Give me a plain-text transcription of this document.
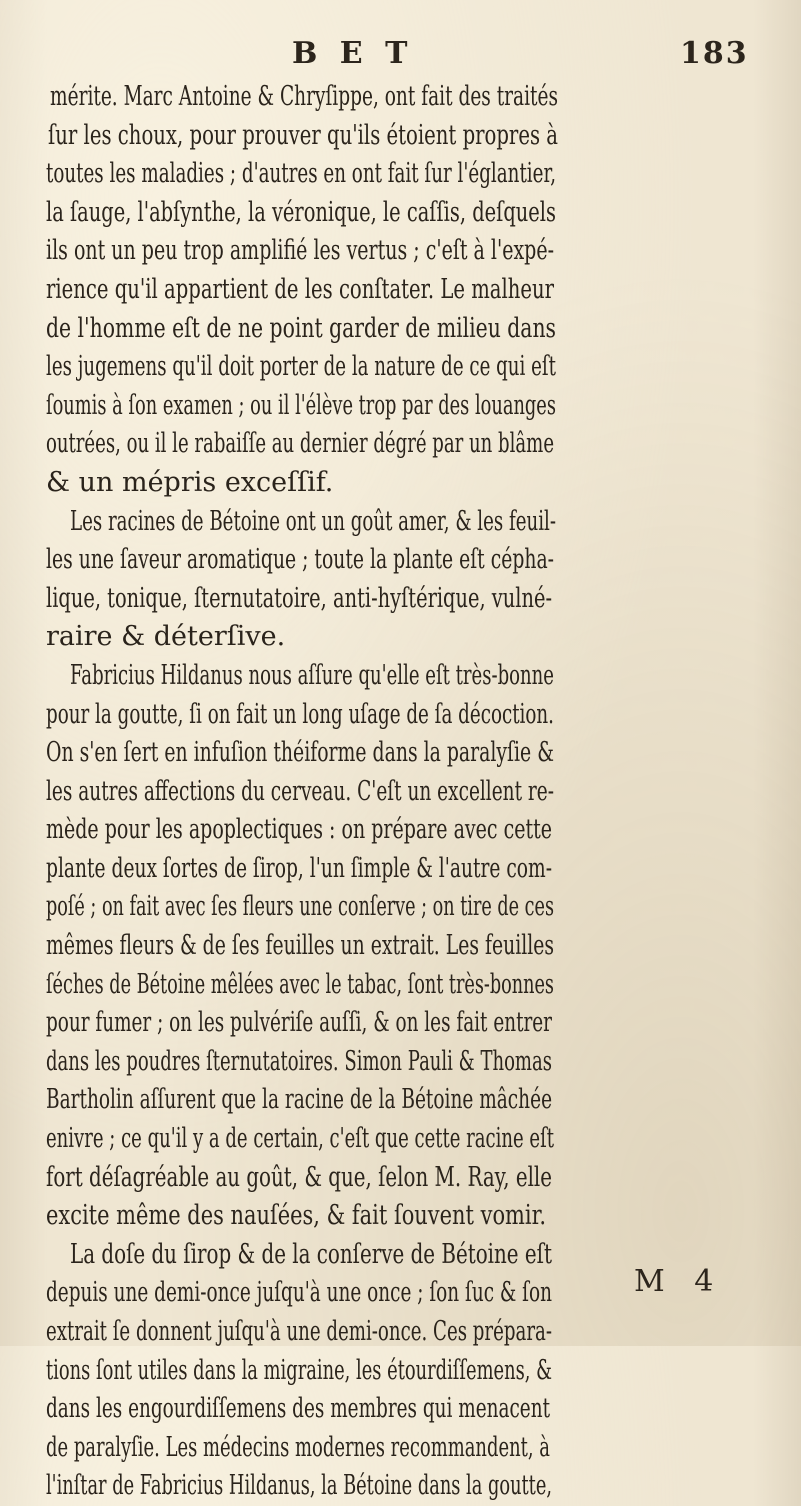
B E T	183
mérite. Marc Antoine & Chryſippe, ont fait des traités
ſur les choux, pour prouver qu'ils étoient propres à
toutes les maladies ; d'autres en ont fait ſur l'églantier,
la ſauge, l'abſynthe, la véronique, le caſſis, deſquels
ils ont un peu trop amplifié les vertus ; c'eſt à l'expé-
rience qu'il appartient de les conſtater. Le malheur
de l'homme eſt de ne point garder de milieu dans
les jugemens qu'il doit porter de la nature de ce qui eſt
ſoumis à ſon examen ; ou il l'élève trop par des louanges
outrées, ou il le rabaiſſe au dernier dégré par un blâme
& un mépris exceſſif.
Les racines de Bétoine ont un goût amer, & les feuil-
les une ſaveur aromatique ; toute la plante eſt cépha-
lique, tonique, ſternutatoire, anti-hyſtérique, vulné-
raire & déterſive.
Fabricius Hildanus nous aſſure qu'elle eſt très-bonne
pour la goutte, ſi on fait un long uſage de ſa décoction.
On s'en ſert en infuſion théiforme dans la paralyſie &
les autres affections du cerveau. C'eſt un excellent re-
mède pour les apoplectiques : on prépare avec cette
plante deux ſortes de ſirop, l'un ſimple & l'autre com-
poſé ; on fait avec ſes fleurs une conſerve ; on tire de ces
mêmes fleurs & de ſes feuilles un extrait. Les feuilles
ſéches de Bétoine mêlées avec le tabac, ſont très-bonnes
pour fumer ; on les pulvériſe auſſi, & on les fait entrer
dans les poudres ſternutatoires. Simon Pauli & Thomas
Bartholin aſſurent que la racine de la Bétoine mâchée
enivre ; ce qu'il y a de certain, c'eſt que cette racine eſt
fort déſagréable au goût, & que, ſelon M. Ray, elle
excite même des nauſées, & fait ſouvent vomir.
La doſe du ſirop & de la conſerve de Bétoine eſt
depuis une demi-once juſqu'à une once ; ſon ſuc & ſon
extrait ſe donnent juſqu'à une demi-once. Ces prépara-
tions ſont utiles dans la migraine, les étourdiſſemens, &
dans les engourdiſſemens des membres qui menacent
de paralyſie. Les médecins modernes recommandent, à
l'inſtar de Fabricius Hildanus, la Bétoine dans la goutte,
M 4
